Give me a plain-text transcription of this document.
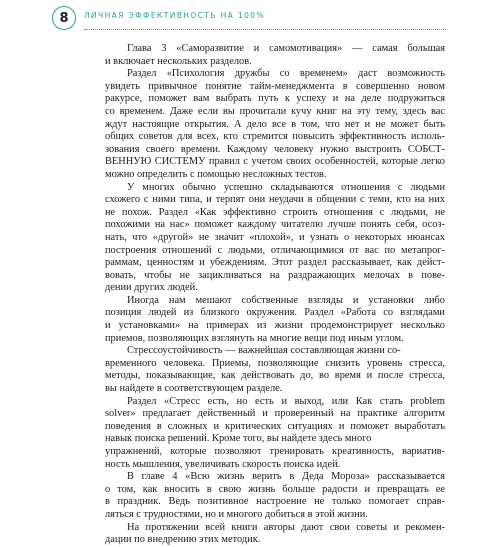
8	ЛИЧНАЯ ЭФФЕКТИВНОСТЬ НА 100%

Глава 3 «Саморазвитие и самомотивация» — самая большая
и включает нескольких разделов.

Раздел «Психология дружбы со временем» даст возможность
увидеть привычное понятие тайм-менеджмента в совершенно новом
ракурсе, поможет вам выбрать путь к успеху и на деле подружиться
со временем. Даже если вы прочитали кучу книг на эту тему, здесь вас
ждут настоящие открытия. А дело все в том, что нет и не может быть
общих советов для всех, кто стремится повысить эффективность исполь-
зования своего времени. Каждому человеку нужно выстроить СОБСТ-
ВЕННУЮ СИСТЕМУ правил с учетом своих особенностей, которые легко
можно определить с помощью несложных тестов.

У многих обычно успешно складываются отношения с людьми
схожего с ними типа, и терпят они неудачи в общении с теми, кто на них
не похож. Раздел «Как эффективно строить отношения с людьми, не
похожими на нас» поможет каждому читателю лучше понять себя, осоз-
нать, что «другой» не значит «плохой», и узнать о некоторых нюансах
построения отношений с людьми, отличающимися от вас по метапрог-
раммам, ценностям и убеждениям. Этот раздел рассказывает, как дейст-
вовать, чтобы не зацикливаться на раздражающих мелочах в пове-
дении других людей.

Иногда нам мешают собственные взгляды и установки либо
позиция людей из близкого окружения. Раздел «Работа со взглядами
и установками» на примерах из жизни продемонстрирует несколько
приемов, позволяющих взглянуть на многие вещи под иным углом.

Стрессоустойчивость — важнейшая составляющая жизни со-
временного человека. Приемы, позволяющие снизить уровень стресса,
методы, показывающие, как действовать до, во время и после стресса,
вы найдете в соответствующем разделе.

Раздел «Стресс есть, но есть и выход, или Как стать problem
solver» предлагает действенный и проверенный на практике алгоритм
поведения в сложных и критических ситуациях и поможет выработать
навык поиска решений. Кроме того, вы найдете здесь много
упражнений, которые позволяют тренировать креативность, вариатив-
ность мышления, увеличивать скорость поиска идей.

В главе 4 «Всю жизнь верить в Деда Мороза» рассказывается
о том, как вносить в свою жизнь больше радости и превращать ее
в праздник. Ведь позитивное настроение не только помогает справ-
ляться с трудностями, но и многого добиться в этой жизни.

На протяжении всей книги авторы дают свои советы и рекомен-
дации по внедрению этих методик.
